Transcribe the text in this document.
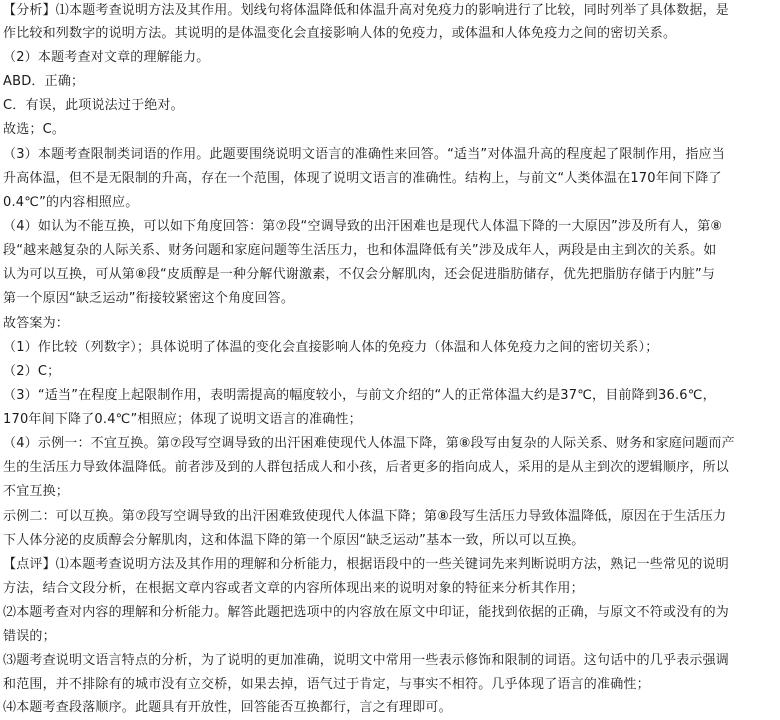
【分析】⑴本题考查说明方法及其作用。划线句将体温降低和体温升高对免疫力的影响进行了比较，同时列举了具体数据，是
作比较和列数字的说明方法。其说明的是体温变化会直接影响人体的免疫力，或体温和人体免疫力之间的密切关系。
（2）本题考查对文章的理解能力。
ABD．正确；
C．有误，此项说法过于绝对。
故选；C。
（3）本题考查限制类词语的作用。此题要围绕说明文语言的准确性来回答。“适当”对体温升高的程度起了限制作用，指应当
升高体温，但不是无限制的升高，存在一个范围，体现了说明文语言的准确性。结构上，与前文“人类体温在170年间下降了
0.4℃”的内容相照应。
（4）如认为不能互换，可以如下角度回答：第⑦段“空调导致的出汗困难也是现代人体温下降的一大原因”涉及所有人，第⑧
段“越来越复杂的人际关系、财务问题和家庭问题等生活压力，也和体温降低有关”涉及成年人，两段是由主到次的关系。如
认为可以互换，可从第⑧段“皮质醇是一种分解代谢激素，不仅会分解肌肉，还会促进脂肪储存，优先把脂肪存储于内脏”与
第一个原因“缺乏运动”衔接较紧密这个角度回答。
故答案为：
（1）作比较（列数字）；具体说明了体温的变化会直接影响人体的免疫力（体温和人体免疫力之间的密切关系）；
（2）C；
（3）“适当”在程度上起限制作用，表明需提高的幅度较小，与前文介绍的“人的正常体温大约是37℃，目前降到36.6℃，
170年间下降了0.4℃”相照应；体现了说明文语言的准确性；
（4）示例一：不宜互换。第⑦段写空调导致的出汗困难使现代人体温下降，第⑧段写由复杂的人际关系、财务和家庭问题而产
生的生活压力导致体温降低。前者涉及到的人群包括成人和小孩，后者更多的指向成人，采用的是从主到次的逻辑顺序，所以
不宜互换；
示例二：可以互换。第⑦段写空调导致的出汗困难致使现代人体温下降；第⑧段写生活压力导致体温降低，原因在于生活压力
下人体分泌的皮质醇会分解肌肉，这和体温下降的第一个原因“缺乏运动”基本一致，所以可以互换。
【点评】⑴本题考查说明方法及其作用的理解和分析能力，根据语段中的一些关键词先来判断说明方法，熟记一些常见的说明
方法，结合文段分析，在根据文章内容或者文章的内容所体现出来的说明对象的特征来分析其作用；
⑵本题考查对内容的理解和分析能力。解答此题把选项中的内容放在原文中印证，能找到依据的正确，与原文不符或没有的为
错误的；
⑶题考查说明文语言特点的分析，为了说明的更加准确，说明文中常用一些表示修饰和限制的词语。这句话中的几乎表示强调
和范围，并不排除有的城市没有立交桥，如果去掉，语气过于肯定，与事实不相符。几乎体现了语言的准确性；
⑷本题考查段落顺序。此题具有开放性，回答能否互换都行，言之有理即可。
